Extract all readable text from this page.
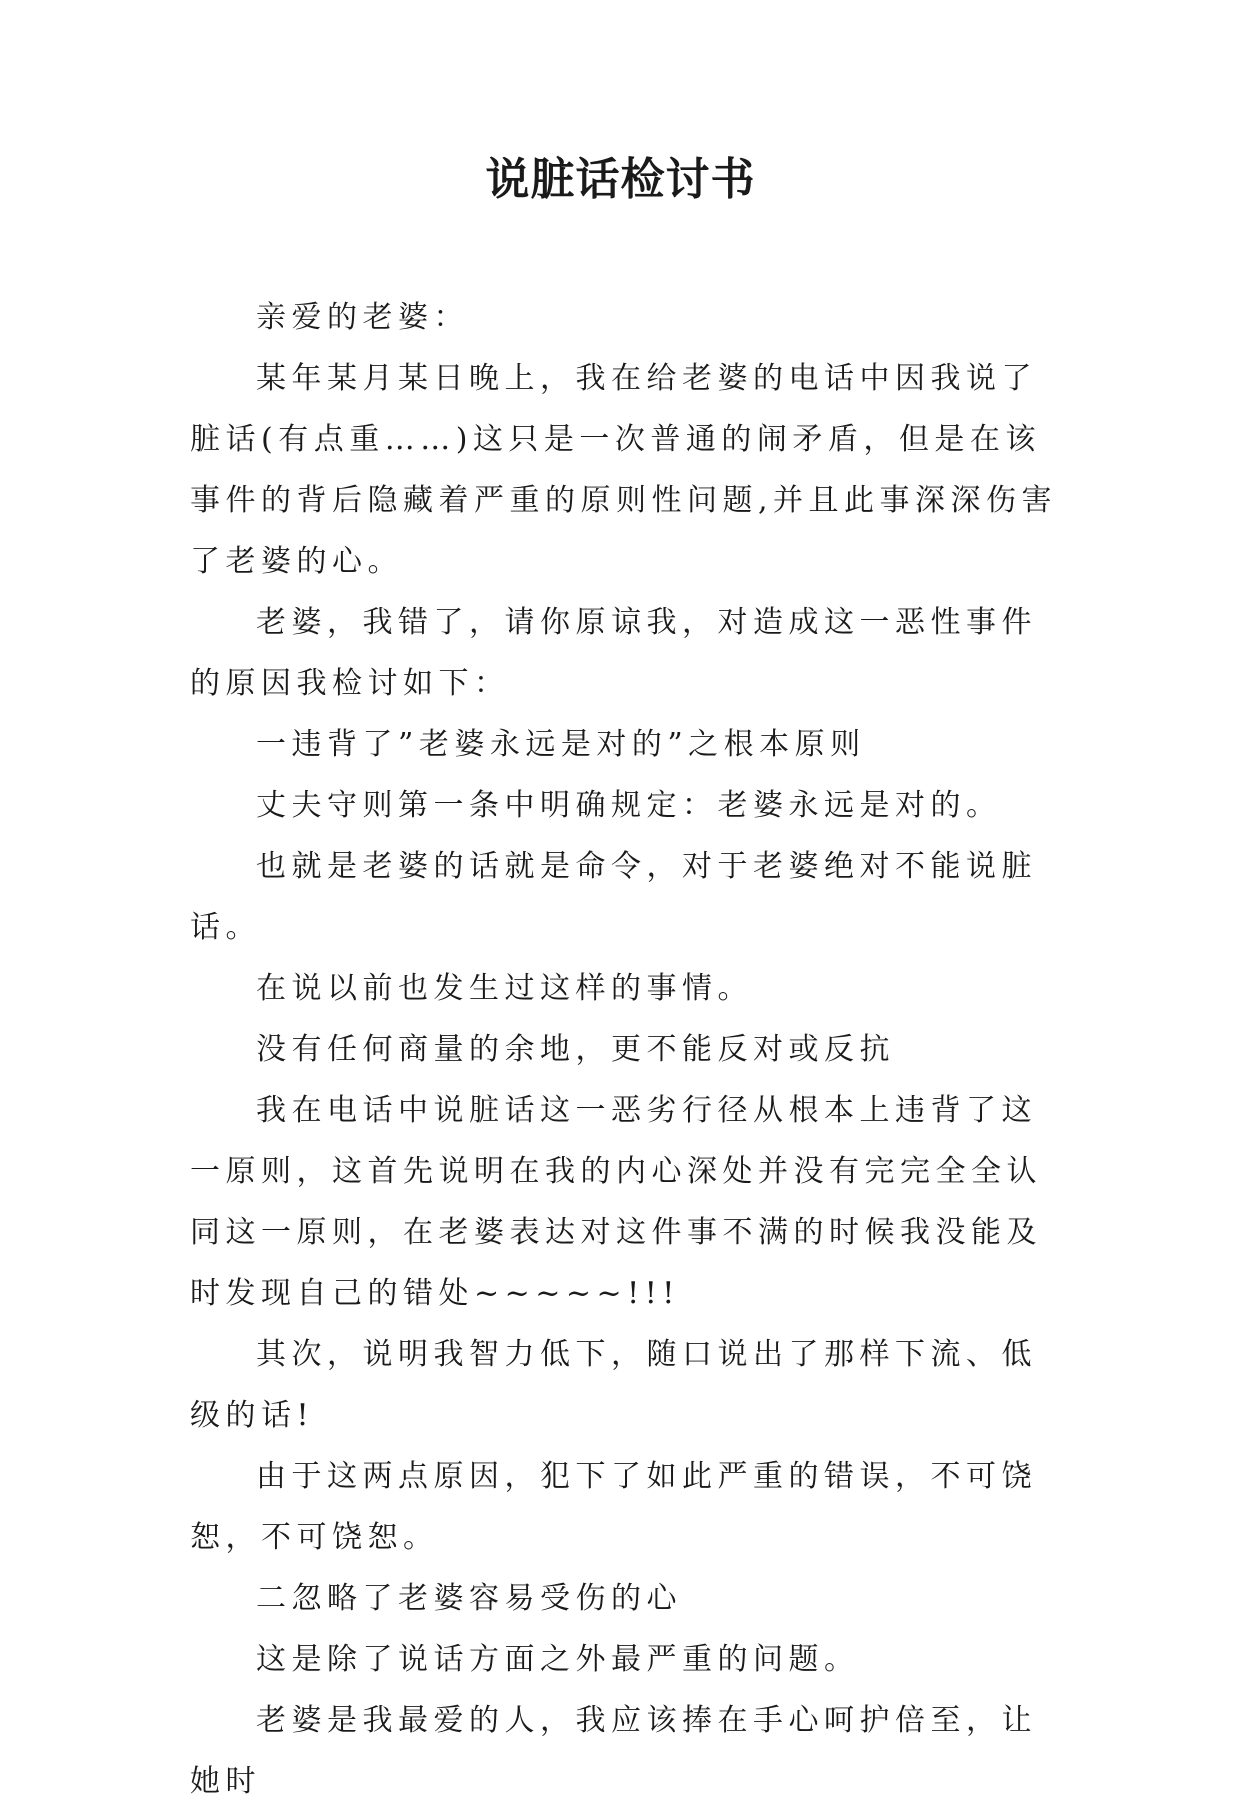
说脏话检讨书

亲爱的老婆：

某年某月某日晚上，我在给老婆的电话中因我说了脏话(有点重……)这只是一次普通的闹矛盾，但是在该事件的背后隐藏着严重的原则性问题,并且此事深深伤害了老婆的心。

老婆，我错了，请你原谅我，对造成这一恶性事件的原因我检讨如下：

一违背了”老婆永远是对的”之根本原则

丈夫守则第一条中明确规定：老婆永远是对的。

也就是老婆的话就是命令，对于老婆绝对不能说脏话。

在说以前也发生过这样的事情。

没有任何商量的余地，更不能反对或反抗

我在电话中说脏话这一恶劣行径从根本上违背了这一原则，这首先说明在我的内心深处并没有完完全全认同这一原则，在老婆表达对这件事不满的时候我没能及时发现自己的错处~~~~~!!!

其次，说明我智力低下，随口说出了那样下流、低级的话!

由于这两点原因，犯下了如此严重的错误，不可饶恕，不可饶恕。

二忽略了老婆容易受伤的心

这是除了说话方面之外最严重的问题。

老婆是我最爱的人，我应该捧在手心呵护倍至，让她时
